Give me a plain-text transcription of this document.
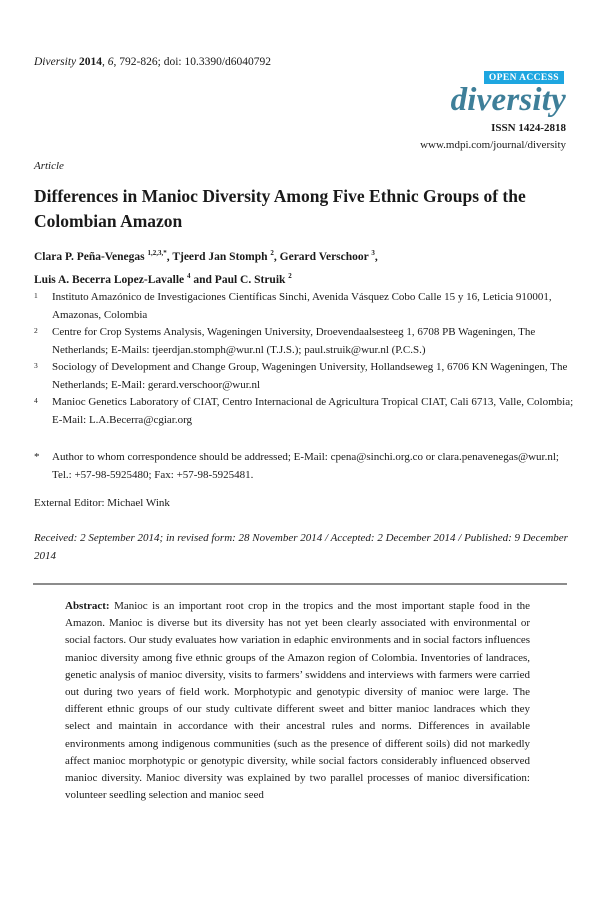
Diversity 2014, 6, 792-826; doi: 10.3390/d6040792
OPEN ACCESS
diversity
ISSN 1424-2818
www.mdpi.com/journal/diversity
Article
Differences in Manioc Diversity Among Five Ethnic Groups of the Colombian Amazon
Clara P. Peña-Venegas $^{1,2,3,*}$, Tjeerd Jan Stomph $^2$, Gerard Verschoor $^3$,
Luis A. Becerra Lopez-Lavalle $^4$ and Paul C. Struik $^2$
1 Instituto Amazónico de Investigaciones Científicas Sinchi, Avenida Vásquez Cobo Calle 15 y 16, Leticia 910001, Amazonas, Colombia
2 Centre for Crop Systems Analysis, Wageningen University, Droevendaalsesteeg 1, 6708 PB Wageningen, The Netherlands; E-Mails: tjeerdjan.stomph@wur.nl (T.J.S.); paul.struik@wur.nl (P.C.S.)
3 Sociology of Development and Change Group, Wageningen University, Hollandseweg 1, 6706 KN Wageningen, The Netherlands; E-Mail: gerard.verschoor@wur.nl
4 Manioc Genetics Laboratory of CIAT, Centro Internacional de Agricultura Tropical CIAT, Cali 6713, Valle, Colombia; E-Mail: L.A.Becerra@cgiar.org
* Author to whom correspondence should be addressed; E-Mail: cpena@sinchi.org.co or clara.penavenegas@wur.nl; Tel.: +57-98-5925480; Fax: +57-98-5925481.
External Editor: Michael Wink
Received: 2 September 2014; in revised form: 28 November 2014 / Accepted: 2 December 2014 / Published: 9 December 2014
Abstract: Manioc is an important root crop in the tropics and the most important staple food in the Amazon. Manioc is diverse but its diversity has not yet been clearly associated with environmental or social factors. Our study evaluates how variation in edaphic environments and in social factors influences manioc diversity among five ethnic groups of the Amazon region of Colombia. Inventories of landraces, genetic analysis of manioc diversity, visits to farmers’ swiddens and interviews with farmers were carried out during two years of field work. Morphotypic and genotypic diversity of manioc were large. The different ethnic groups of our study cultivate different sweet and bitter manioc landraces which they select and maintain in accordance with their ancestral rules and norms. Differences in available environments among indigenous communities (such as the presence of different soils) did not markedly affect manioc morphotypic or genotypic diversity, while social factors considerably influenced observed manioc diversity. Manioc diversity was explained by two parallel processes of manioc diversification: volunteer seedling selection and manioc seed
